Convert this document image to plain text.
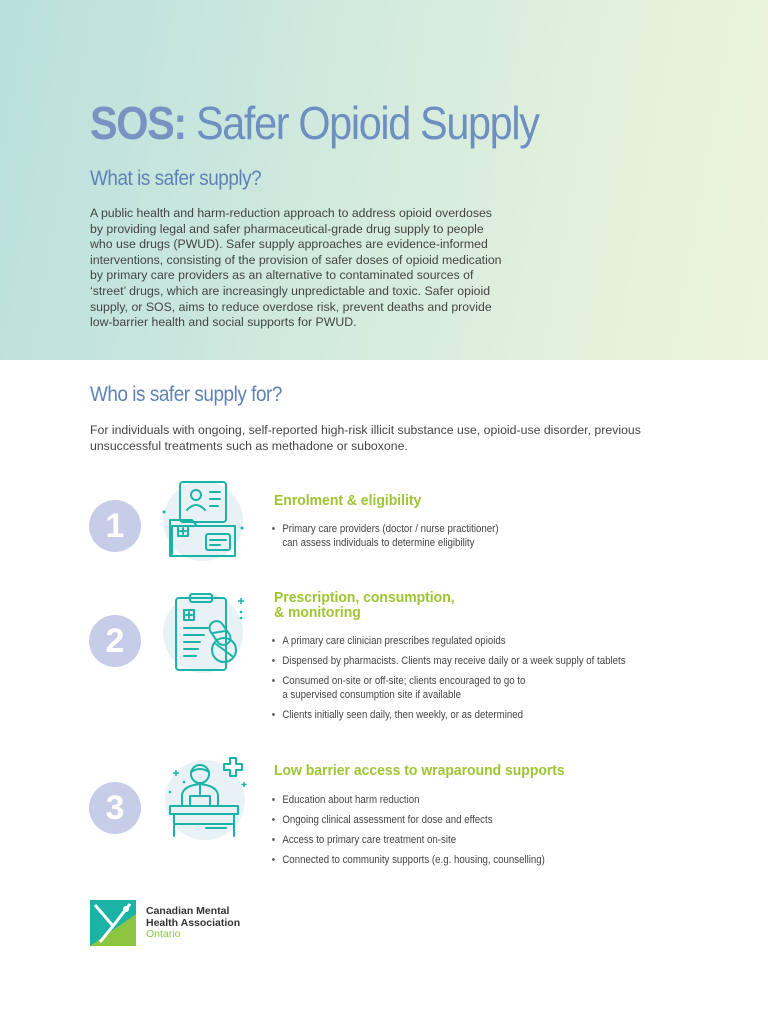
SOS: Safer Opioid Supply
What is safer supply?

A public health and harm-reduction approach to address opioid overdoses
by providing legal and safer pharmaceutical-grade drug supply to people
who use drugs (PWUD). Safer supply approaches are evidence-informed
interventions, consisting of the provision of safer doses of opioid medication
by primary care providers as an alternative to contaminated sources of
‘street’ drugs, which are increasingly unpredictable and toxic. Safer opioid
supply, or SOS, aims to reduce overdose risk, prevent deaths and provide
low-barrier health and social supports for PWUD.

Who is safer supply for?

For individuals with ongoing, self-reported high-risk illicit substance use, opioid-use disorder, previous
unsuccessful treatments such as methadone or suboxone.

1
Enrolment & eligibility
• Primary care providers (doctor / nurse practitioner)
can assess individuals to determine eligibility
2
Prescription, consumption,
& monitoring
• A primary care clinician prescribes regulated opioids
• Dispensed by pharmacists. Clients may receive daily or a week supply of tablets
• Consumed on-site or off-site; clients encouraged to go to
a supervised consumption site if available
• Clients initially seen daily, then weekly, or as determined
3
Low barrier access to wraparound supports
• Education about harm reduction
• Ongoing clinical assessment for dose and effects
• Access to primary care treatment on-site
• Connected to community supports (e.g. housing, counselling)
Canadian Mental
Health Association
Ontario
